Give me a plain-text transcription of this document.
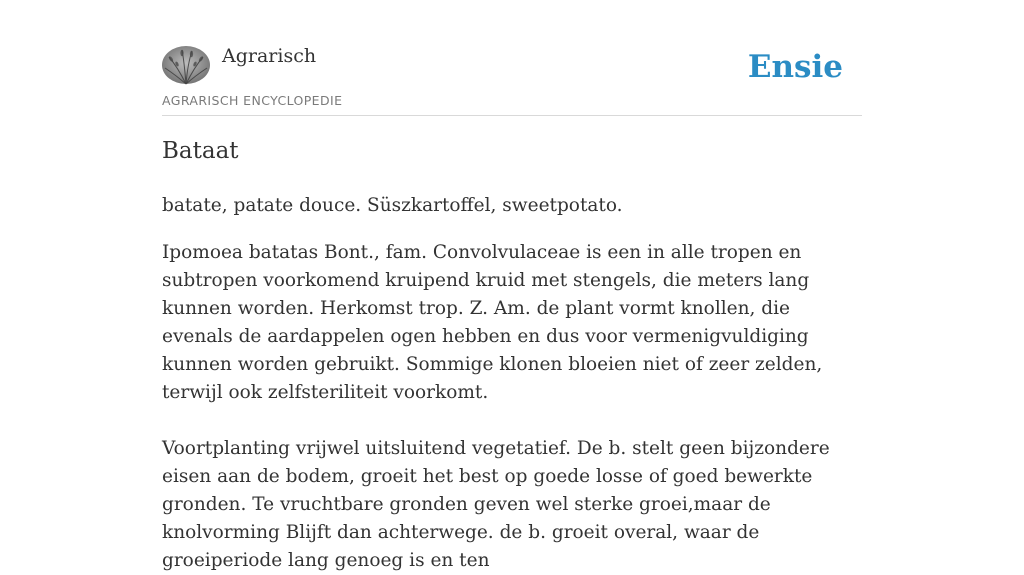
Agrarisch
AGRARISCH ENCYCLOPEDIE
Ensie
Bataat

batate, patate douce. Süszkartoffel, sweetpotato.

Ipomoea batatas Bont., fam. Convolvulaceae is een in alle tropen en subtropen voorkomend kruipend kruid met stengels, die meters lang kunnen worden. Herkomst trop. Z. Am. de plant vormt knollen, die evenals de aardappelen ogen hebben en dus voor vermenigvuldiging kunnen worden gebruikt. Sommige klonen bloeien niet of zeer zelden, terwijl ook zelfsteriliteit voorkomt.

Voortplanting vrijwel uitsluitend vegetatief. De b. stelt geen bijzondere eisen aan de bodem, groeit het best op goede losse of goed bewerkte gronden. Te vruchtbare gronden geven wel sterke groei,maar de knolvorming Blijft dan achterwege. de b. groeit overal, waar de groeiperiode lang genoeg is en ten
